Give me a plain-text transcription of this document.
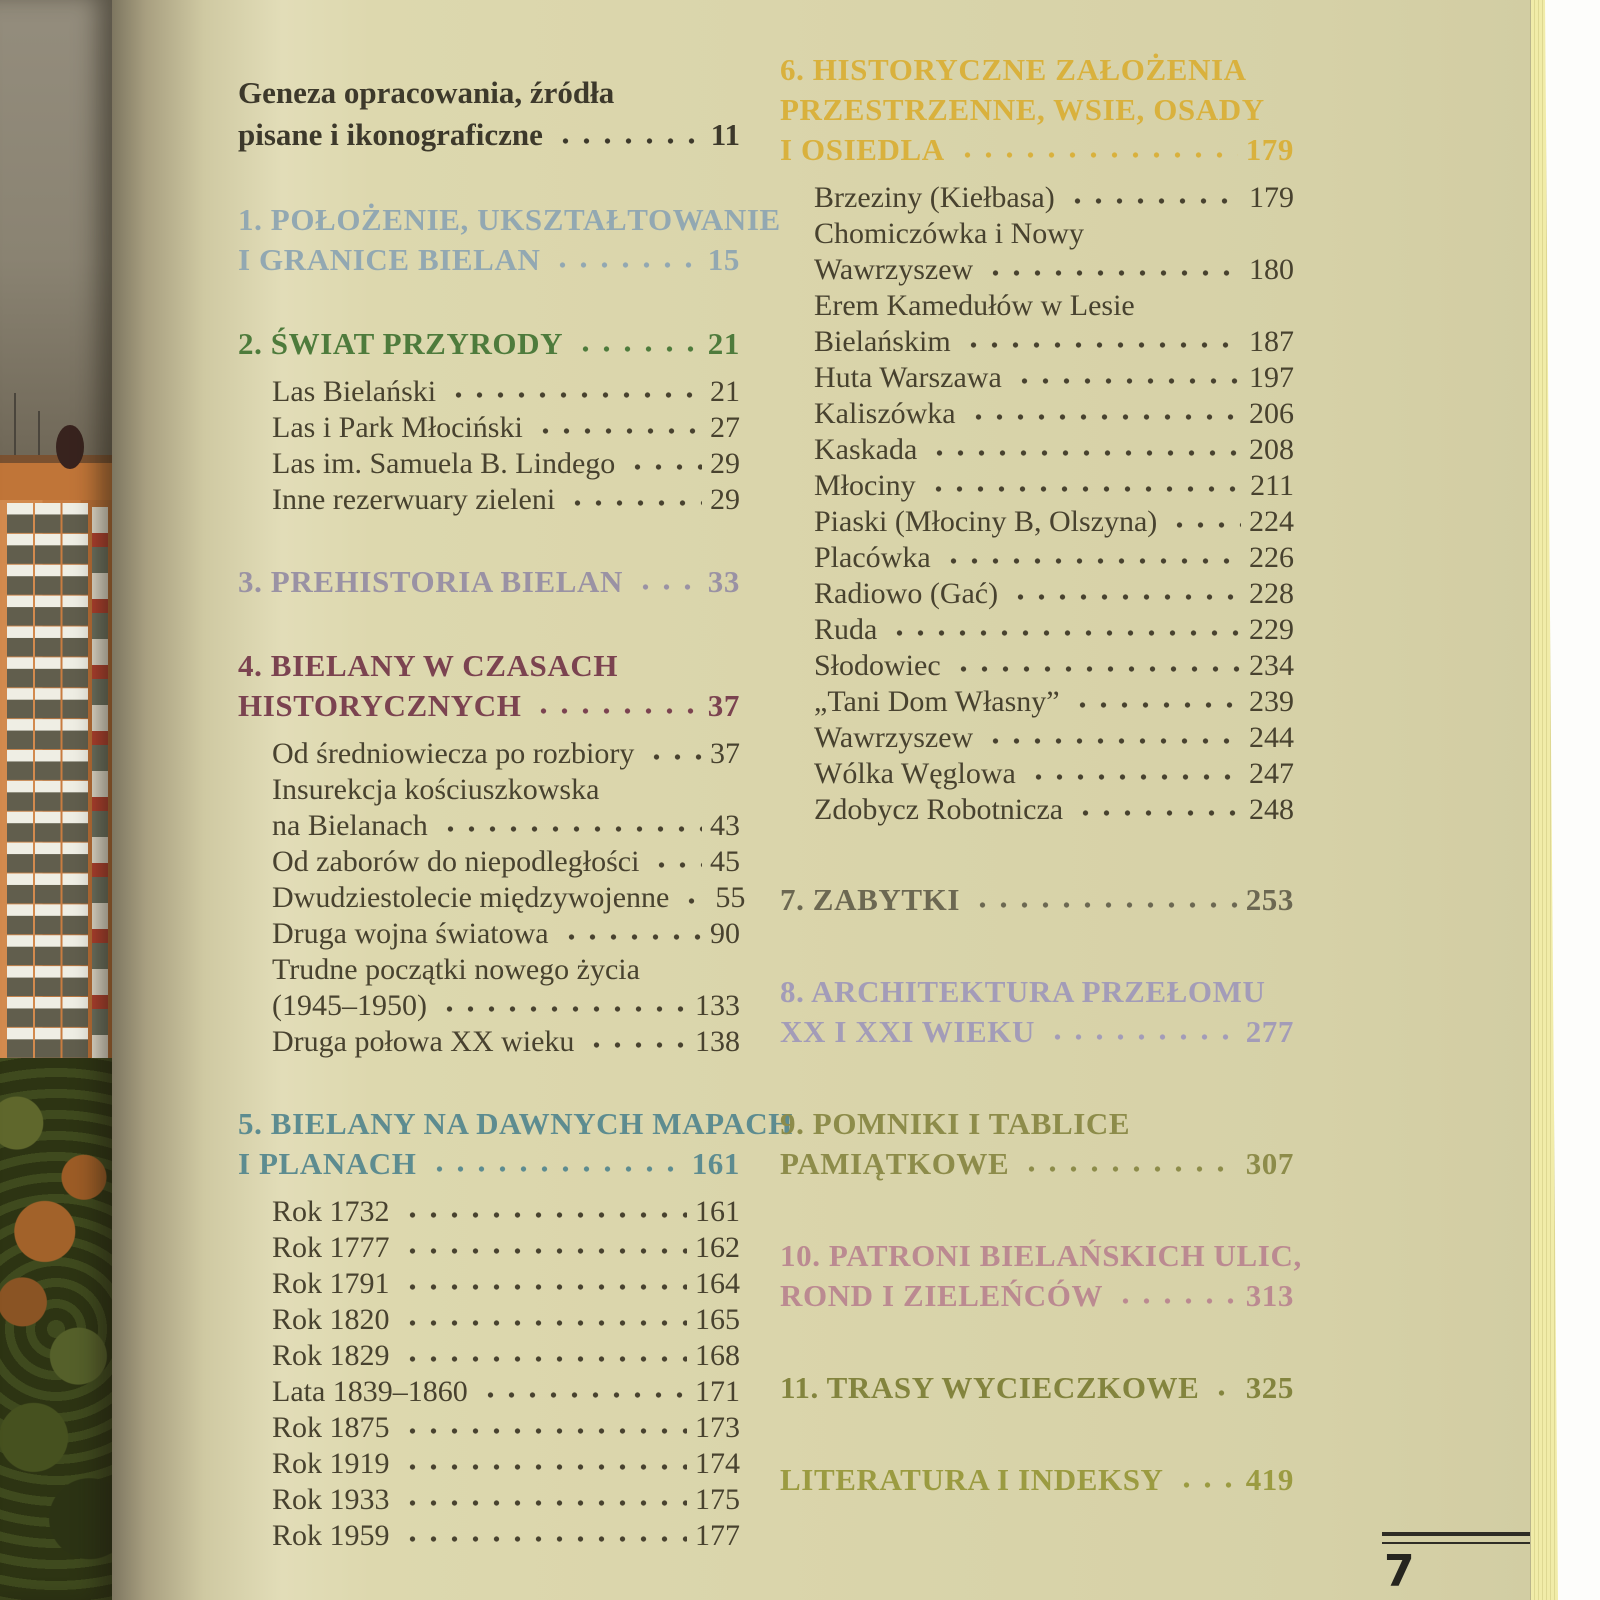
Geneza opracowania, źródła
pisane i ikonograficzne	11
1. POŁOŻENIE, UKSZTAŁTOWANIE
I GRANICE BIELAN	15
2. ŚWIAT PRZYRODY	21
Las Bielański	21
Las i Park Młociński	27
Las im. Samuela B. Lindego	29
Inne rezerwuary zieleni	29
3. PREHISTORIA BIELAN	33
4. BIELANY W CZASACH
HISTORYCZNYCH	37
Od średniowiecza po rozbiory	37
Insurekcja kościuszkowska
na Bielanach	43
Od zaborów do niepodległości 45
Dwudziestolecie międzywojenne 55
Druga wojna światowa	90
Trudne początki nowego życia
(1945–1950)	133
Druga połowa XX wieku	138
5. BIELANY NA DAWNYCH MAPACH
I PLANACH	161
Rok 1732	161
Rok 1777	162
Rok 1791	164
Rok 1820	165
Rok 1829	168
Lata 1839–1860	171
Rok 1875	173
Rok 1919	174
Rok 1933	175
Rok 1959	177
6. HISTORYCZNE ZAŁOŻENIA
PRZESTRZENNE, WSIE, OSADY
I OSIEDLA	179
Brzeziny (Kiełbasa)	179
Chomiczówka i Nowy
Wawrzyszew	180
Erem Kamedułów w Lesie
Bielańskim	187
Huta Warszawa	197
Kaliszówka	206
Kaskada	208
Młociny	211
Piaski (Młociny B, Olszyna)	224
Placówka	226
Radiowo (Gać)	228
Ruda	229
Słodowiec	234
„Tani Dom Własny”	239
Wawrzyszew	244
Wólka Węglowa	247
Zdobycz Robotnicza	248
7. ZABYTKI	253
8. ARCHITEKTURA PRZEŁOMU
XX I XXI WIEKU	277
9. POMNIKI I TABLICE
PAMIĄTKOWE	307
10. PATRONI BIELAŃSKICH ULIC,
ROND I ZIELEŃCÓW	313
11. TRASY WYCIECZKOWE 325
LITERATURA I INDEKSY	419
7
